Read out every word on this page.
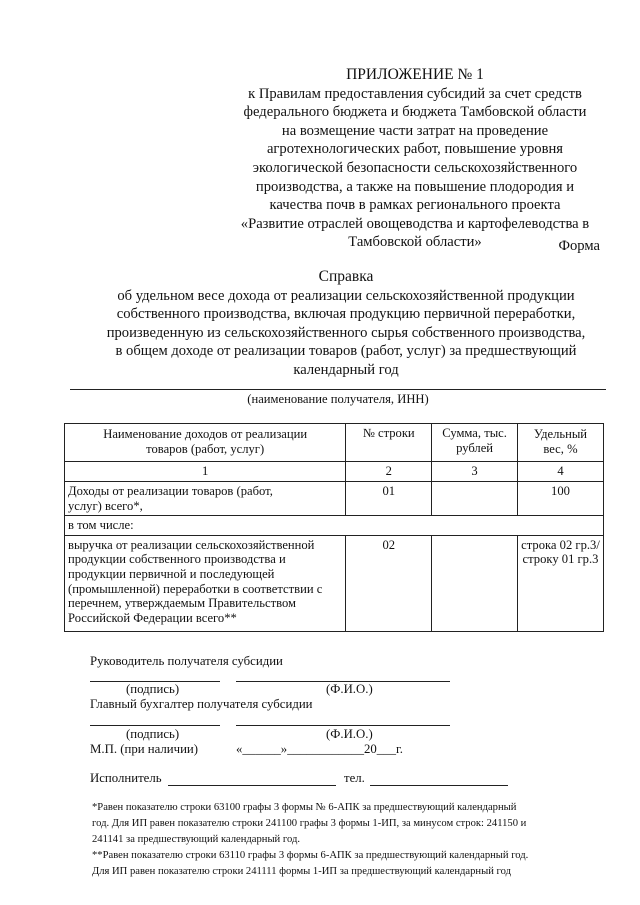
ПРИЛОЖЕНИЕ № 1
к Правилам предоставления субсидий за счет средств
федерального бюджета и бюджета Тамбовской области
на возмещение части затрат на проведение
агротехнологических работ, повышение уровня
экологической безопасности сельскохозяйственного
производства, а также на повышение плодородия и
качества почв в рамках регионального проекта
«Развитие отраслей овощеводства и картофелеводства в
Тамбовской области»	Форма
Справка
об удельном весе дохода от реализации сельскохозяйственной продукции
собственного производства, включая продукцию первичной переработки,
произведенную из сельскохозяйственного сырья собственного производства,
в общем доходе от реализации товаров (работ, услуг) за предшествующий
календарный год
(наименование получателя, ИНН)
Наименование доходов от реализации товаров (работ, услуг)	№ строки	Сумма, тыс. рублей	Удельный вес, %
1	2	3	4
Доходы от реализации товаров (работ, услуг) всего*,	01		100
в том числе:			
выручка от реализации сельскохозяйственной продукции собственного производства и продукции первичной и последующей (промышленной) переработки в соответствии с перечнем, утверждаемым Правительством Российской Федерации всего**	02		строка 02 гр.3/ строку 01 гр.3
Руководитель получателя субсидии
(подпись)	(Ф.И.О.)
Главный бухгалтер получателя субсидии
(подпись)	(Ф.И.О.)
М.П. (при наличии)	«______»____________20___г.
Исполнитель	тел.
*Равен показателю строки 63100 графы 3 формы № 6-АПК за предшествующий календарный
год. Для ИП равен показателю строки 241100 графы 3 формы 1-ИП, за минусом строк: 241150 и
241141 за предшествующий календарный год.
**Равен показателю строки 63110 графы 3 формы 6-АПК за предшествующий календарный год.
Для ИП равен показателю строки 241111 формы 1-ИП за предшествующий календарный год
